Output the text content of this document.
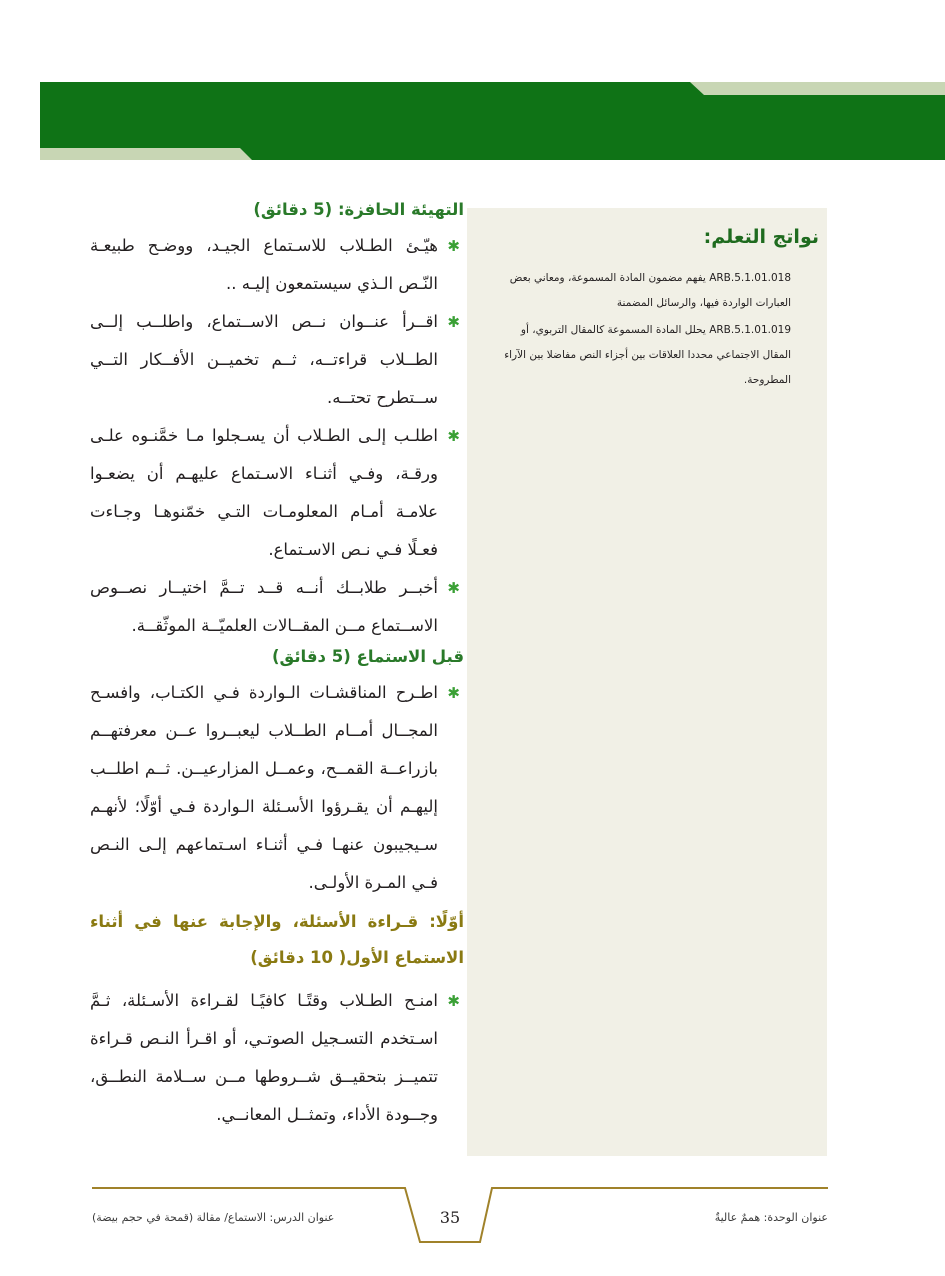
نواتج التعلم:

ARB.5.1.01.018 يفهم مضمون المادة المسموعة، ومعاني بعض العبارات الواردة فيها، والرسائل المضمنة

ARB.5.1.01.019 يحلل المادة المسموعة كالمقال التربوي، أو المقال الاجتماعي محددا العلاقات بين أجزاء النص مفاضلا بين الآراء المطروحة.

التهيئة الحافزة: (5 دقائق)

✱
هيّـئ الطـلاب للاسـتماع الجيـد، ووضـح طبيعـة النّـص الـذي سيستمعون إليـه ..

✱
اقــرأ عنــوان نــص الاســتماع، واطلــب إلــى الطــلاب قراءتــه، ثــم تخميــن الأفــكار التــي ســتطرح تحتــه.

✱
اطلـب إلـى الطـلاب أن يسـجلوا مـا خمَّنـوه علـى ورقـة، وفـي أثنـاء الاسـتماع عليهـم أن يضعـوا علامـة أمـام المعلومـات التـي خمّنوهـا وجـاءت فعـلًا فـي نـص الاسـتماع.

✱
أخبــر طلابــك أنــه قــد تــمَّ اختيــار نصــوص الاســتماع مــن المقــالات العلميّــة الموثّقــة.

قبل الاستماع (5 دقائق)

✱
اطـرح المناقشـات الـواردة فـي الكتـاب، وافسـح المجــال أمــام الطــلاب ليعبــروا عــن معرفتهــم بازراعــة القمــح، وعمــل المزارعيــن. ثــم اطلــب إليهـم أن يقـرؤوا الأسـئلة الـواردة فـي أوّلًا؛ لأنهـم سـيجيبون عنهـا فـي أثنـاء اسـتماعهم إلـى النـص فـي المـرة الأولـى.

أوّلًا: قـراءة الأسئلة، والإجابة عنها في أثناء الاستماع الأول( 10 دقائق)

✱
امنـح الطـلاب وقتًـا كافيًـا لقـراءة الأسـئلة، ثـمَّ اسـتخدم التسـجيل الصوتـي، أو اقـرأ النـص قـراءة تتميــز بتحقيــق شــروطها مــن ســلامة النطــق، وجــودة الأداء، وتمثــل المعانــي.

عنوان الوحدة: هممٌ عاليةٌ
35
عنوان الدرس: الاستماع/ مقالة (قمحة في حجم بيضة)
